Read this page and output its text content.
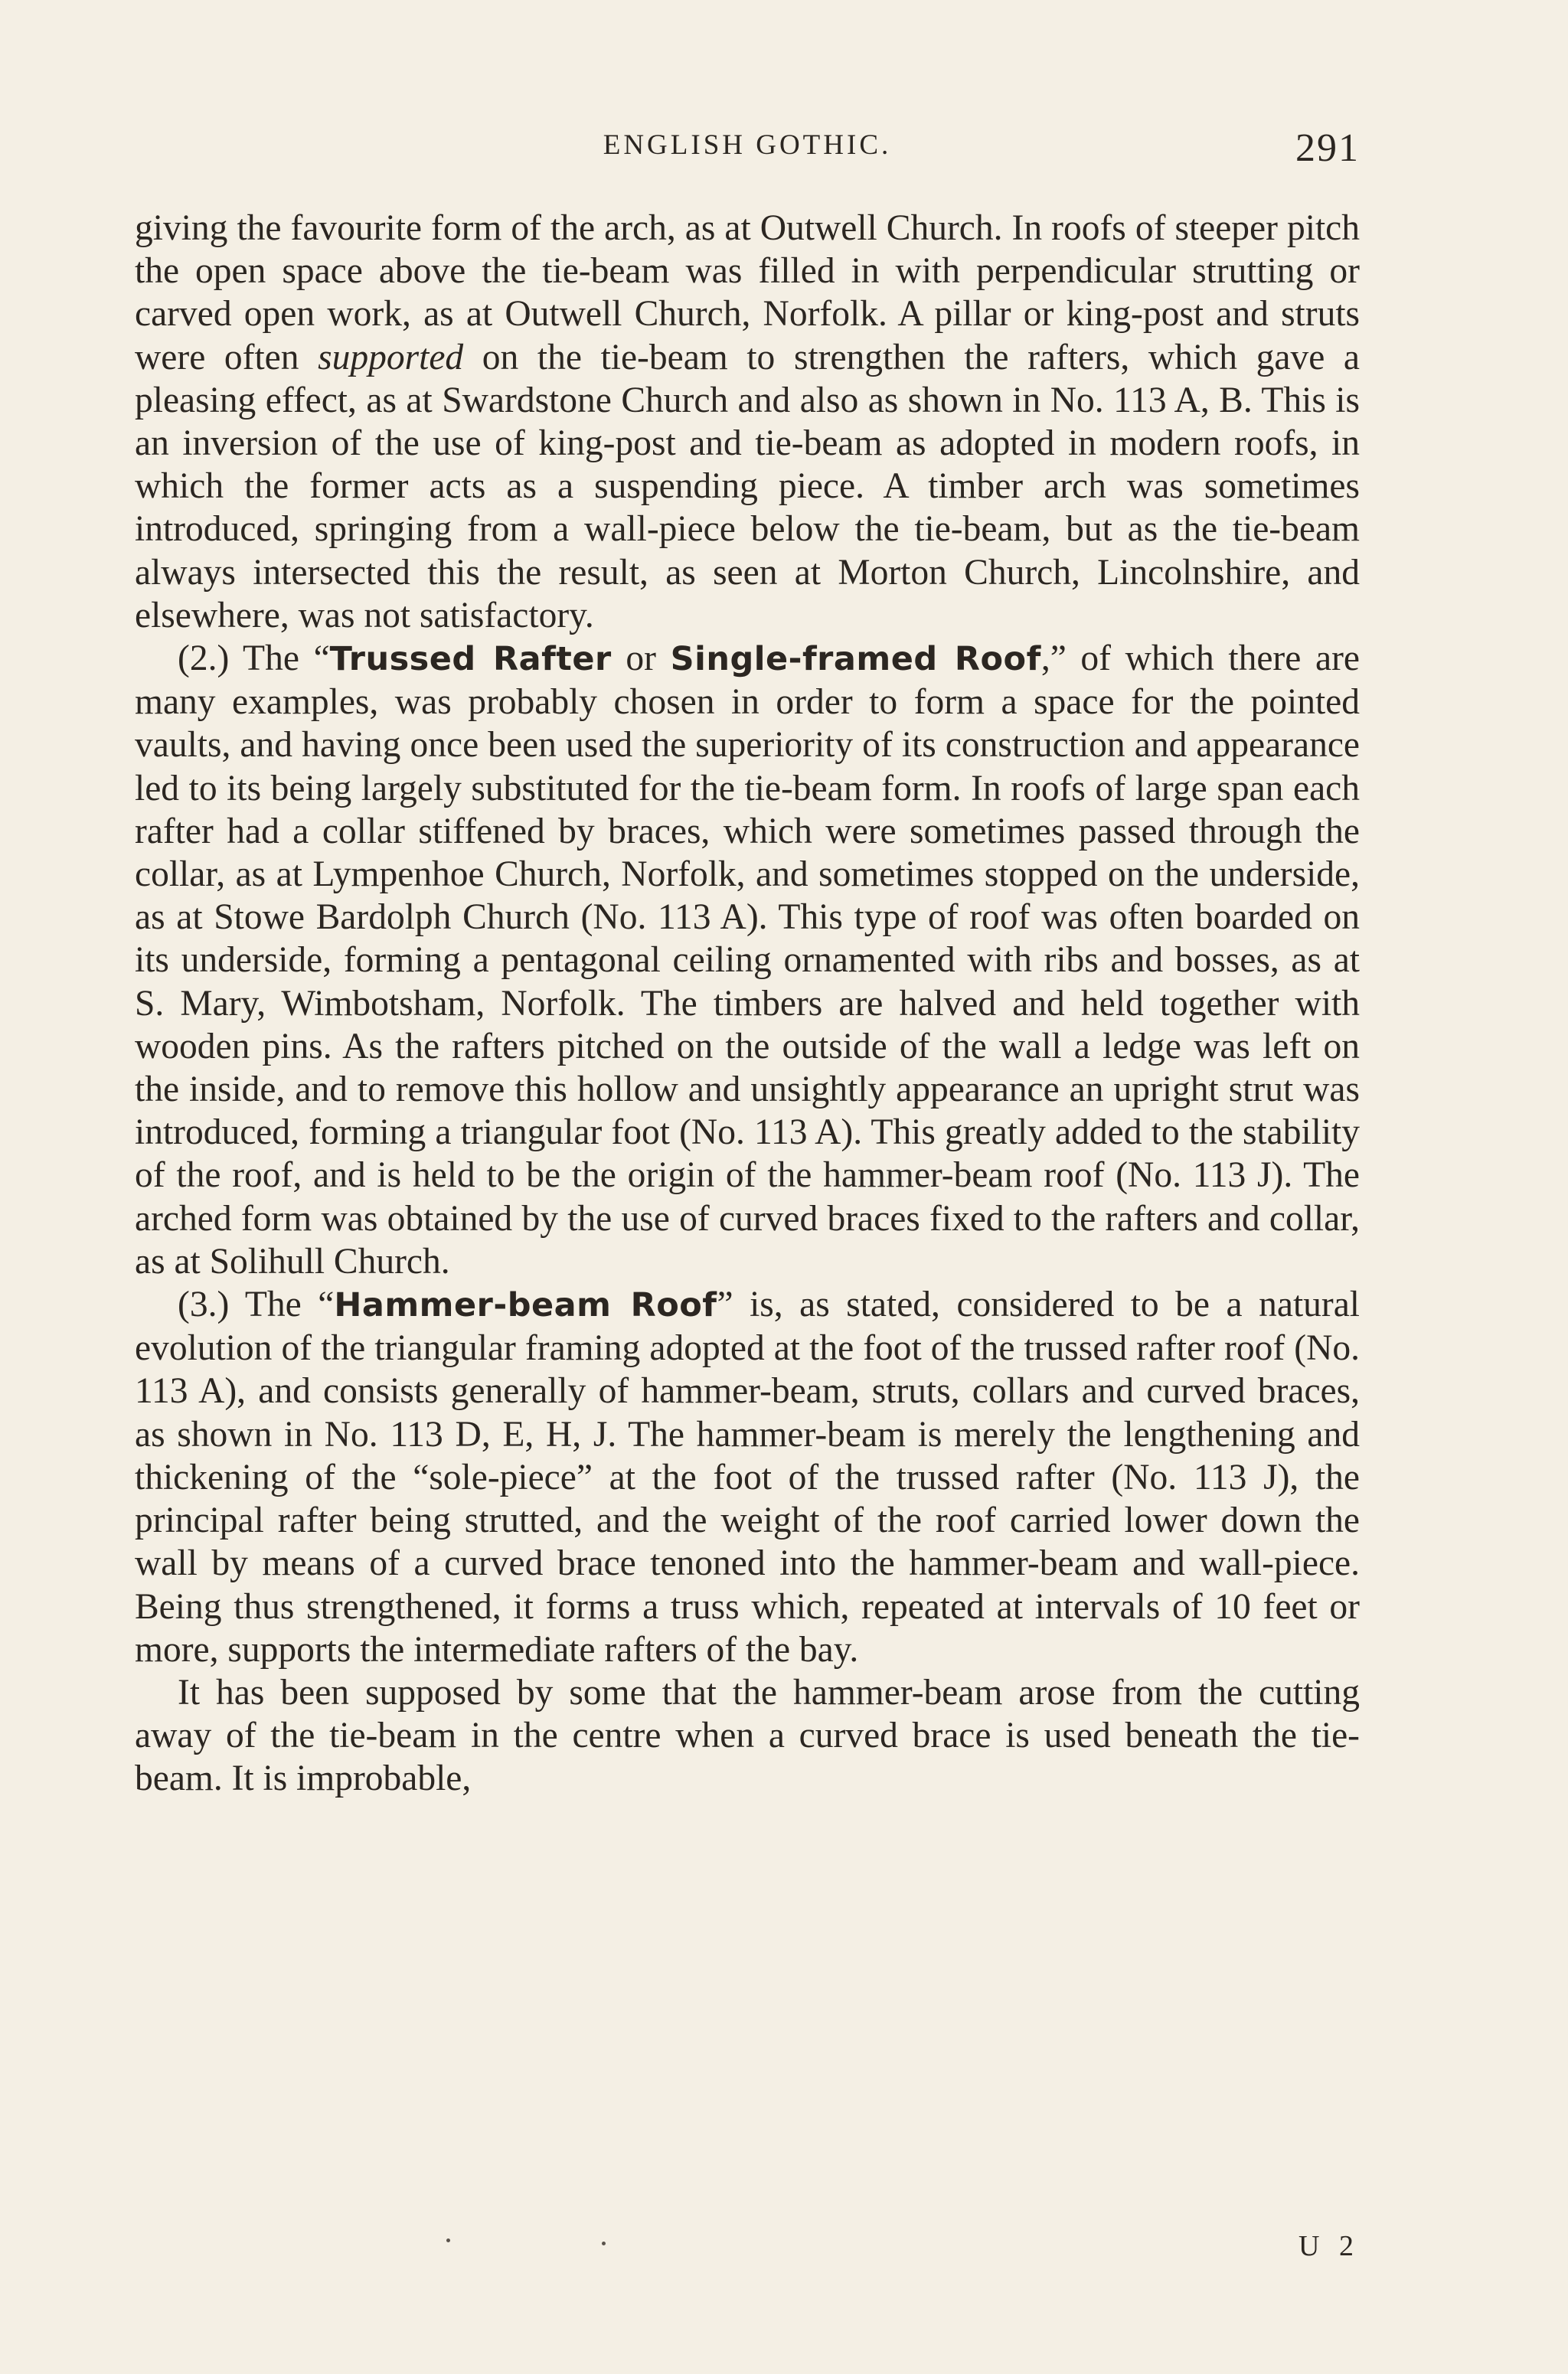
ENGLISH GOTHIC.	291

giving the favourite form of the arch, as at Outwell Church. In roofs of steeper pitch the open space above the tie-beam was filled in with perpendicular strutting or carved open work, as at Outwell Church, Norfolk. A pillar or king-post and struts were often supported on the tie-beam to strengthen the rafters, which gave a pleasing effect, as at Swardstone Church and also as shown in No. 113 A, B. This is an inversion of the use of king-post and tie-beam as adopted in modern roofs, in which the former acts as a suspending piece. A timber arch was sometimes introduced, springing from a wall-piece below the tie-beam, but as the tie-beam always intersected this the result, as seen at Morton Church, Lincolnshire, and elsewhere, was not satisfactory.

(2.) The “Trussed Rafter or Single-framed Roof,” of which there are many examples, was probably chosen in order to form a space for the pointed vaults, and having once been used the superiority of its construction and appearance led to its being largely substituted for the tie-beam form. In roofs of large span each rafter had a collar stiffened by braces, which were sometimes passed through the collar, as at Lympenhoe Church, Norfolk, and sometimes stopped on the underside, as at Stowe Bardolph Church (No. 113 A). This type of roof was often boarded on its underside, forming a pentagonal ceiling ornamented with ribs and bosses, as at S. Mary, Wimbotsham, Norfolk. The timbers are halved and held together with wooden pins. As the rafters pitched on the outside of the wall a ledge was left on the inside, and to remove this hollow and unsightly appearance an upright strut was introduced, forming a triangular foot (No. 113 A). This greatly added to the stability of the roof, and is held to be the origin of the hammer-beam roof (No. 113 J). The arched form was obtained by the use of curved braces fixed to the rafters and collar, as at Solihull Church.

(3.) The “Hammer-beam Roof” is, as stated, considered to be a natural evolution of the triangular framing adopted at the foot of the trussed rafter roof (No. 113 A), and consists generally of hammer-beam, struts, collars and curved braces, as shown in No. 113 D, E, H, J. The hammer-beam is merely the lengthening and thickening of the “sole-piece” at the foot of the trussed rafter (No. 113 J), the principal rafter being strutted, and the weight of the roof carried lower down the wall by means of a curved brace tenoned into the hammer-beam and wall-piece. Being thus strengthened, it forms a truss which, repeated at intervals of 10 feet or more, supports the intermediate rafters of the bay.

It has been supposed by some that the hammer-beam arose from the cutting away of the tie-beam in the centre when a curved brace is used beneath the tie-beam. It is improbable,

U 2
